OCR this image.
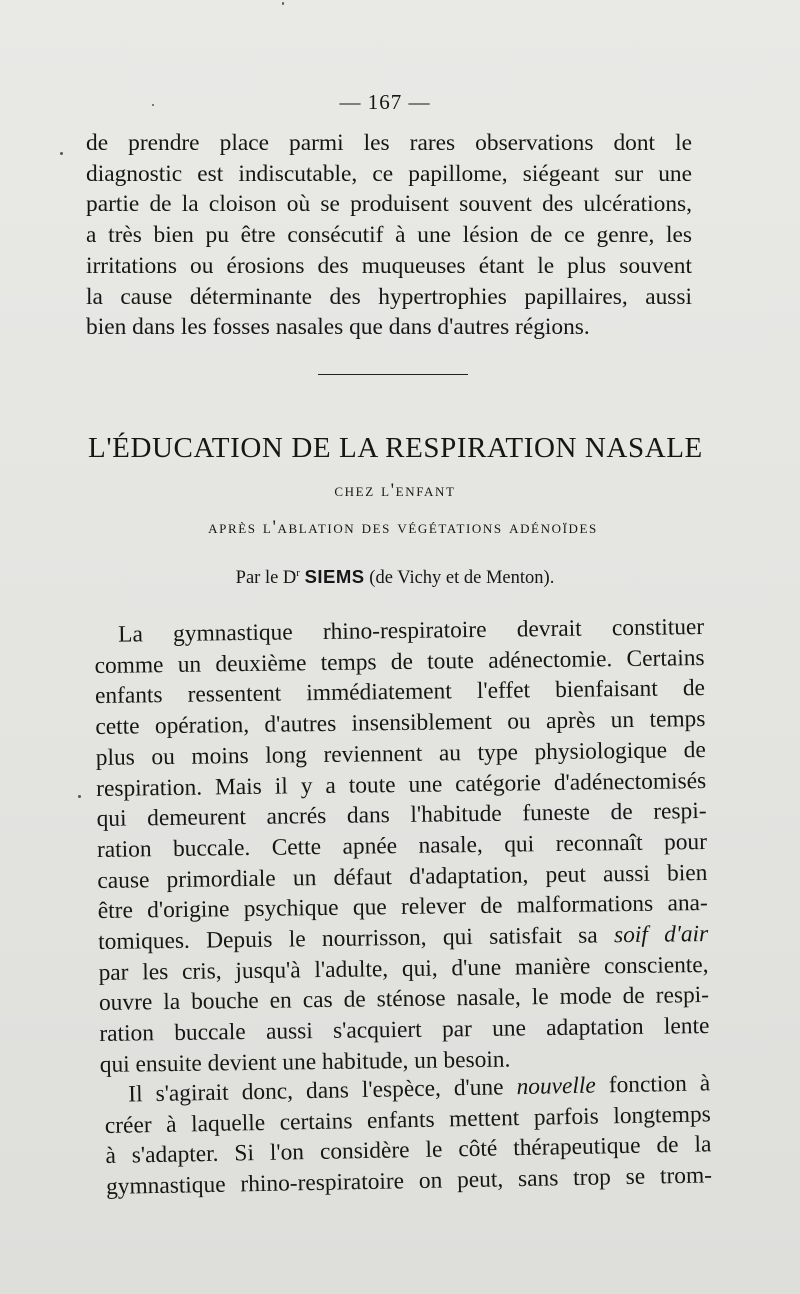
— 167 —
de prendre place parmi les rares observations dont le
diagnostic est indiscutable, ce papillome, siégeant sur une
partie de la cloison où se produisent souvent des ulcérations,
a très bien pu être consécutif à une lésion de ce genre, les
irritations ou érosions des muqueuses étant le plus souvent
la cause déterminante des hypertrophies papillaires, aussi
bien dans les fosses nasales que dans d'autres régions.
L'ÉDUCATION DE LA RESPIRATION NASALE
chez l'enfant
après l'ablation des végétations adénoïdes
Par le $D^r$ SIEMS (de Vichy et de Menton).
La gymnastique rhino-respiratoire devrait constituer
comme un deuxième temps de toute adénectomie. Certains
enfants ressentent immédiatement l'effet bienfaisant de
cette opération, d'autres insensiblement ou après un temps
plus ou moins long reviennent au type physiologique de
respiration. Mais il y a toute une catégorie d'adénectomisés
qui demeurent ancrés dans l'habitude funeste de respi-
ration buccale. Cette apnée nasale, qui reconnaît pour
cause primordiale un défaut d'adaptation, peut aussi bien
être d'origine psychique que relever de malformations ana-
tomiques. Depuis le nourrisson, qui satisfait sa soif d'air
par les cris, jusqu'à l'adulte, qui, d'une manière consciente,
ouvre la bouche en cas de sténose nasale, le mode de respi-
ration buccale aussi s'acquiert par une adaptation lente
qui ensuite devient une habitude, un besoin.
Il s'agirait donc, dans l'espèce, d'une nouvelle fonction à
créer à laquelle certains enfants mettent parfois longtemps
à s'adapter. Si l'on considère le côté thérapeutique de la
gymnastique rhino-respiratoire on peut, sans trop se trom-
